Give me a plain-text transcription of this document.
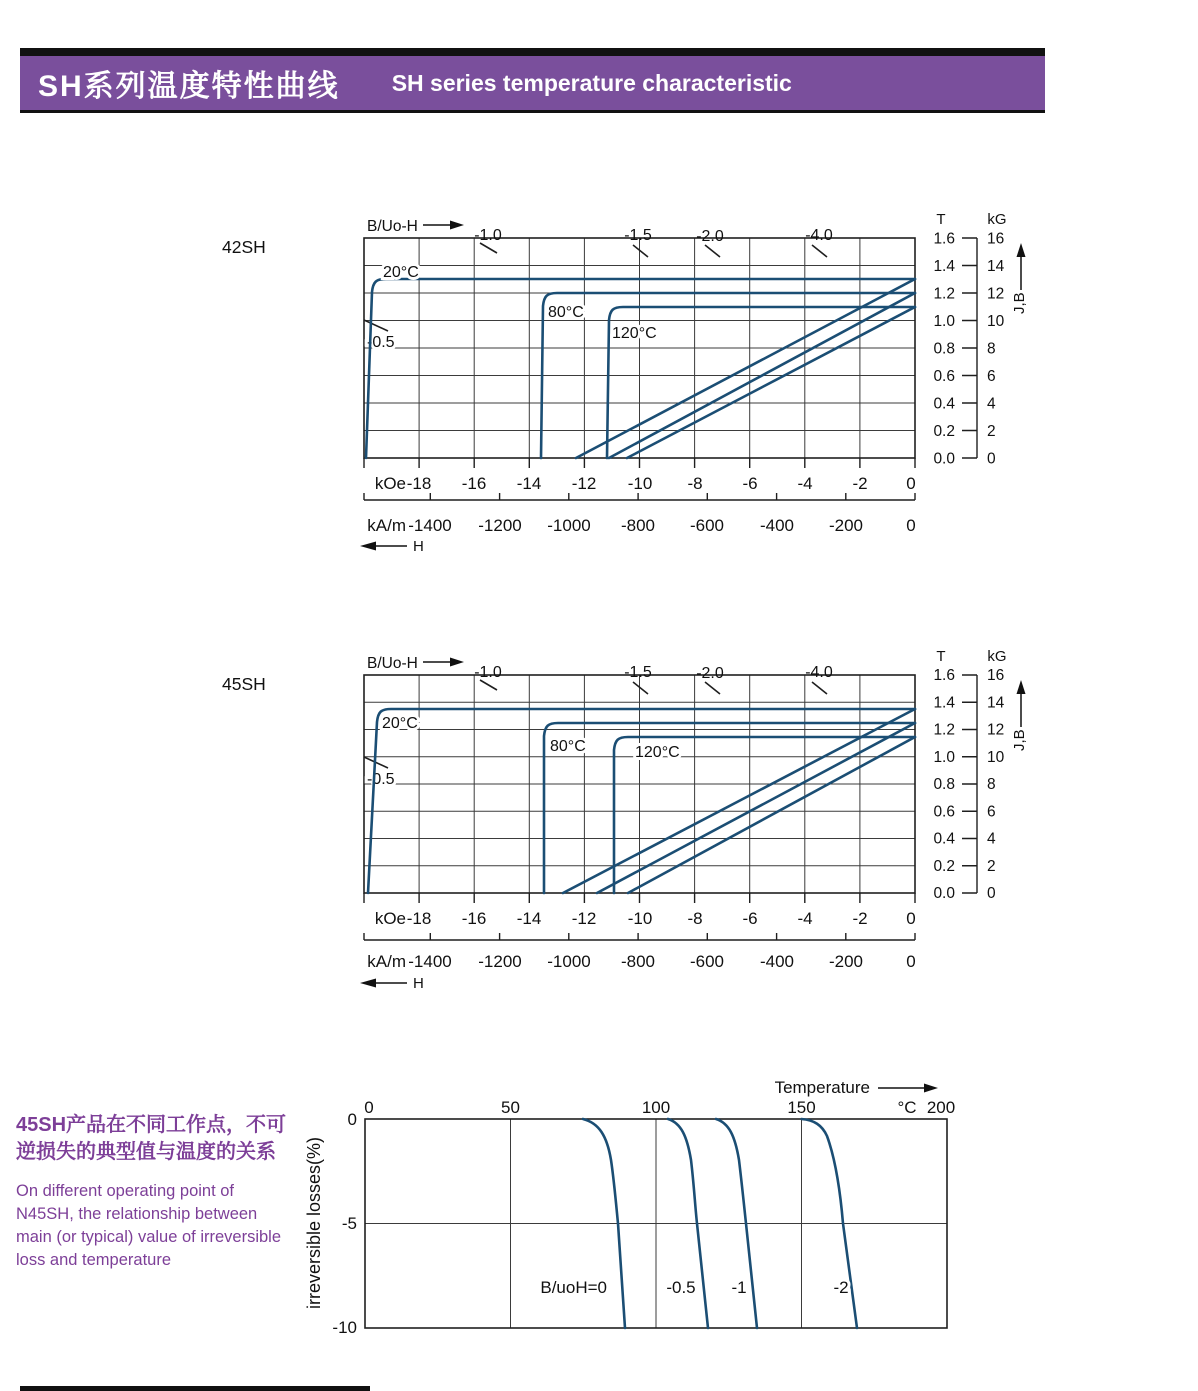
SH系列温度特性曲线 SH series temperature characteristic
42SH
B/Uo-H
-1.0	-1.5	-2.0	-4.0
-0.5
20°C
80°C
120°C
T	kG
1.6
1.4
1.2
1.0
0.8
0.6
0.4
0.2
0.0
16
14
12
10
8
6
4
2
0
J,B
kOe -18 -16 -14 -12 -10 -8 -6 -4 -2 0
kA/m -1400 -1200 -1000 -800 -600 -400 -200	0
H
45SH
B/Uo-H
-1.0	-1.5	-2.0	-4.0
-0.5
20°C
80°C	120°C
T	kG
1.6
1.4
1.2
1.0
0.8
0.6
0.4
0.2
0.0
16
14
12
10
8
6
4
2
0
J,B
kOe -18 -16 -14 -12 -10 -8 -6 -4 -2 0
kA/m -1400 -1200 -1000 -800 -600 -400 -200	0
H
Temperature
0	50	100	150	°C 200
0
-5
-10
irreversible losses(%)	B/uoH=0	-0.5 -1	-2
45SH产品在不同工作点，不可
逆损失的典型值与温度的关系
On different operating point of
N45SH, the relationship between
main (or typical) value of irreversible
loss and temperature
